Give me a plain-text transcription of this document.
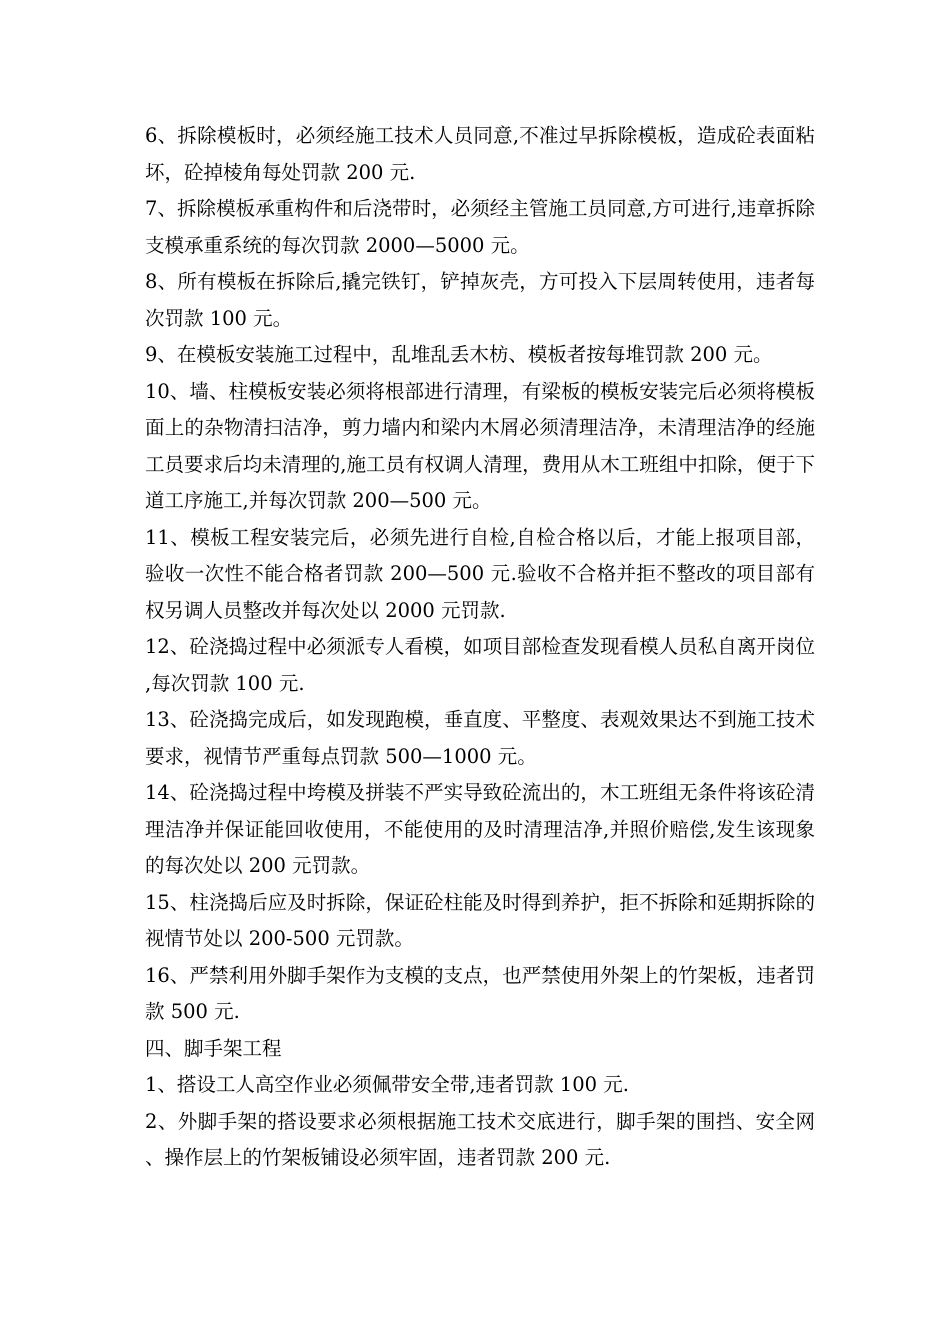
6、拆除模板时，必须经施工技术人员同意,不准过早拆除模板，造成砼表面粘坏，砼掉棱角每处罚款 200 元.

7、拆除模板承重构件和后浇带时，必须经主管施工员同意,方可进行,违章拆除支模承重系统的每次罚款 2000—5000 元。

8、所有模板在拆除后,撬完铁钉，铲掉灰壳，方可投入下层周转使用，违者每次罚款 100 元。

9、在模板安装施工过程中，乱堆乱丢木枋、模板者按每堆罚款 200 元。

10、墙、柱模板安装必须将根部进行清理，有梁板的模板安装完后必须将模板面上的杂物清扫洁净，剪力墙内和梁内木屑必须清理洁净，未清理洁净的经施工员要求后均未清理的,施工员有权调人清理，费用从木工班组中扣除，便于下道工序施工,并每次罚款 200—500 元。

11、模板工程安装完后，必须先进行自检,自检合格以后，才能上报项目部，验收一次性不能合格者罚款 200—500 元.验收不合格并拒不整改的项目部有权另调人员整改并每次处以 2000 元罚款.

12、砼浇捣过程中必须派专人看模，如项目部检查发现看模人员私自离开岗位,每次罚款 100 元.

13、砼浇捣完成后，如发现跑模，垂直度、平整度、表观效果达不到施工技术要求，视情节严重每点罚款 500—1000 元。

14、砼浇捣过程中垮模及拼装不严实导致砼流出的，木工班组无条件将该砼清理洁净并保证能回收使用，不能使用的及时清理洁净,并照价赔偿,发生该现象的每次处以 200 元罚款。

15、柱浇捣后应及时拆除，保证砼柱能及时得到养护，拒不拆除和延期拆除的视情节处以 200-500 元罚款。

16、严禁利用外脚手架作为支模的支点，也严禁使用外架上的竹架板，违者罚款 500 元.

四、脚手架工程

1、搭设工人高空作业必须佩带安全带,违者罚款 100 元.

2、外脚手架的搭设要求必须根据施工技术交底进行，脚手架的围挡、安全网、操作层上的竹架板铺设必须牢固，违者罚款 200 元.
